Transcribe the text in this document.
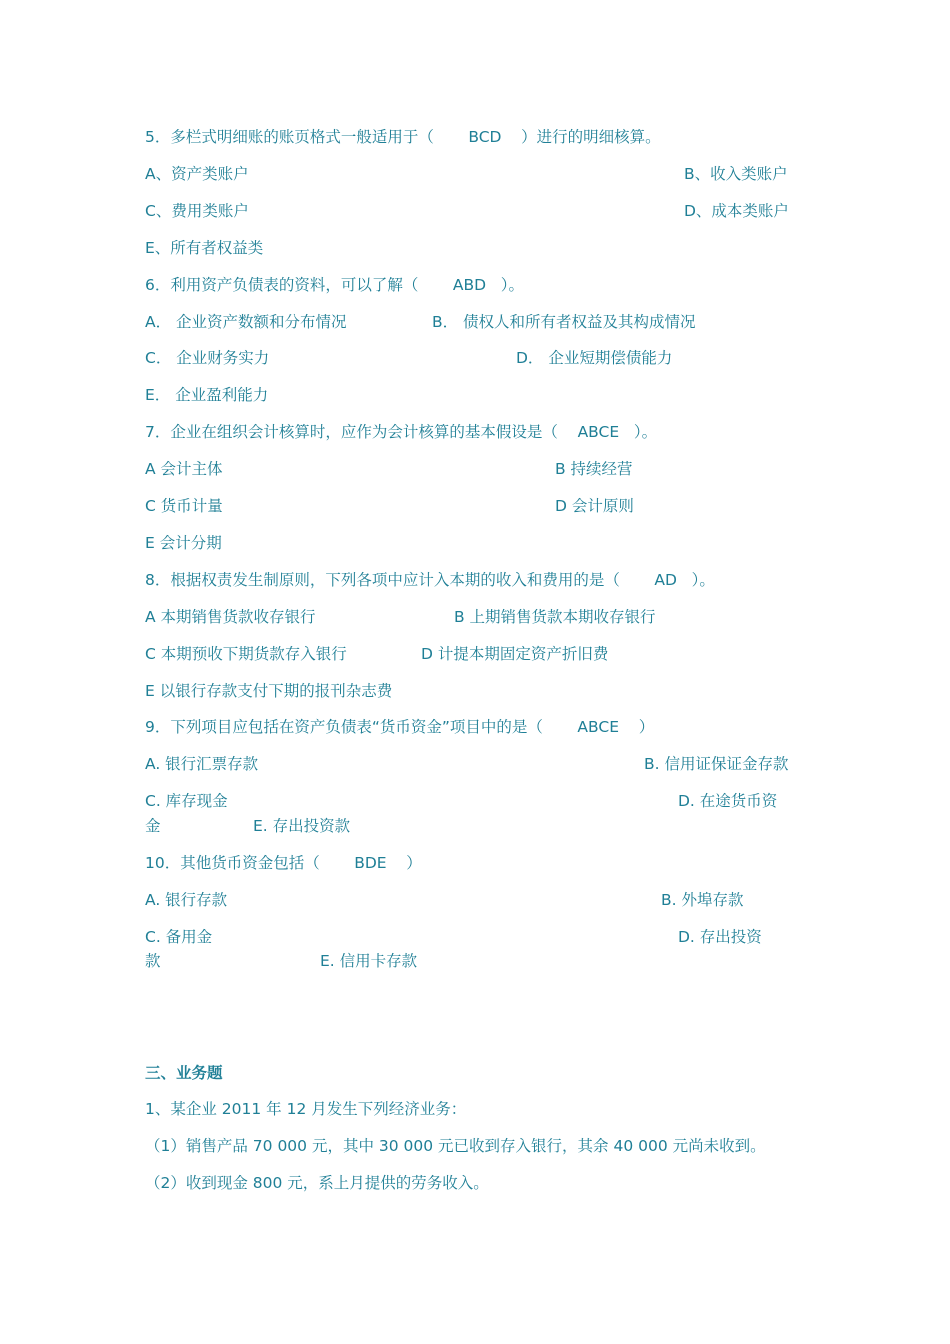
5．多栏式明细账的账页格式一般适用于（       BCD    ）进行的明细核算。
A、资产类账户	B、收入类账户
C、费用类账户	D、成本类账户
E、所有者权益类
6．利用资产负债表的资料，可以了解（       ABD   ）。
A． 企业资产数额和分布情况	B． 债权人和所有者权益及其构成情况
C． 企业财务实力	D． 企业短期偿债能力
E． 企业盈利能力
7．企业在组织会计核算时，应作为会计核算的基本假设是（    ABCE   ）。
A 会计主体	B 持续经营
C 货币计量	D 会计原则
E 会计分期
8．根据权责发生制原则，下列各项中应计入本期的收入和费用的是（       AD   ）。
A 本期销售货款收存银行	B 上期销售货款本期收存银行
C 本期预收下期货款存入银行	D 计提本期固定资产折旧费
E 以银行存款支付下期的报刊杂志费
9．下列项目应包括在资产负债表“货币资金”项目中的是（       ABCE    ）
A. 银行汇票存款	B. 信用证保证金存款
C. 库存现金	D. 在途货币资
金	E. 存出投资款
10．其他货币资金包括（       BDE    ）
A. 银行存款	B. 外埠存款
C. 备用金	D. 存出投资
款	E. 信用卡存款
三、业务题
1、某企业 2011 年 12 月发生下列经济业务：
（1）销售产品 70 000 元，其中 30 000 元已收到存入银行，其余 40 000 元尚未收到。
（2）收到现金 800 元，系上月提供的劳务收入。
